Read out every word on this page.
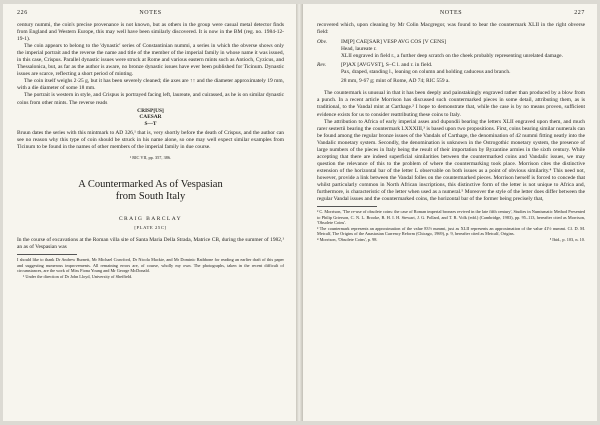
226	NOTES

century nummi, the coin's precise provenance is not known, but as others in the group were casual metal detector finds from England and Western Europe, this may well have been similarly discovered. It is now in the BM (reg. no. 1984-12-19-1).

The coin appears to belong to the 'dynastic' series of Constantinian nummi, a series in which the obverse shows only the imperial portrait and the reverse the name and title of the member of the imperial family in whose name it was issued, in this case, Crispus. Parallel dynastic issues were struck at Rome and various eastern mints such as Antioch, Cyzicus, and Thessalonica, but, as far as the author is aware, no bronze dynastic issues have ever been published for Ticinum. Dynastic issues are scarce, reflecting a short period of minting.

The coin itself weighs 2·25 g, but it has been severely cleaned; die axes are ↑↑ and the diameter approximately 19 mm, with a die diameter of some 18 mm.

The portrait is western in style, and Crispus is portrayed facing left, laureate, and cuirassed, as he is on similar dynastic coins from other mints. The reverse reads

CRISP[US]
CAESAR
S—T

Bruun dates the series with this mintmark to AD 326,¹ that is, very shortly before the death of Crispus, and the author can see no reason why this type of coin should be struck in his name alone, so one may well expect similar examples from Ticinum to be found in the names of other members of the imperial family in due course.

¹ RIC VII, pp. 357, 386.

A Countermarked As of Vespasian
from South Italy
CRAIG BARCLAY
[PLATE 25C]

In the course of excavations at the Roman villa site of Santa Maria Della Strada, Matrice CB, during the summer of 1982,¹ an as of Vespasian was

I should like to thank Dr Andrew Burnett, Mr Michael Crawford, Dr Nicola Mackie, and Mr Dominic Rathbone for reading an earlier draft of this paper and suggesting numerous improvements. All remaining errors are, of course, wholly my own. The photographs, taken in the recent difficult of circumstances, are the work of Miss Fiona Young and Mr George McDonald.

¹ Under the direction of Dr John Lloyd, University of Sheffield.

NOTES	227

recovered which, upon cleaning by Mr Colin Macgregor, was found to bear the countermark XLII in the right obverse field:

Obv.	IM[P] CAE[SAR] VESP AVG COS [V CENS]
Head, laureate r.
XLII engraved in field r., a further deep scratch on the cheek probably representing unrelated damage.
Rev.	[P]AX [AVGVST], S–C l. and r. in field.
Pax, draped, standing l., leaning on column and holding caduceus and branch.
28 mm, 9·67 g; mint of Rome, AD 74; RIC 559 a.

The countermark is unusual in that it has been deeply and painstakingly engraved rather than produced by a blow from a punch. In a recent article Morrison has discussed such countermarked pieces in some detail, attributing them, as is traditional, to the Vandal mint at Carthage.² I hope to demonstrate that, while the case is by no means proven, sufficient evidence exists for us to consider reattributing these coins to Italy.

The attribution to Africa of early imperial asses and dupondii bearing the letters XLII engraved upon them, and much rarer sestertii bearing the countermark LXXXIII,³ is based upon two propositions. First, coins bearing similar numerals can be found among the regular bronze issues of the Vandals of Carthage, the denomination of 42 nummi fitting neatly into the Vandalic monetary system. Secondly, the denomination is unknown in the Ostrogothic monetary system, the presence of large numbers of the pieces in Italy being the result of their importation by Byzantine armies in the sixth century. While accepting that there are indeed superficial similarities between the countermarked coins and Vandalic issues, we may question the relevance of this to the problem of where the countermarking took place. Morrison cites the distinctive extension of the horizontal bar of the letter L observable on both issues as a point of obvious similarity.⁴ This need not, however, provide a link between the Vandal folles on the countermarked pieces. Morrison herself is forced to concede that whilst particularly common in North African inscriptions, this distinctive form of the letter is not unique to Africa and, furthermore, is characteristic of the letter when used as a numeral.⁵ Moreover the style of the letter does differ between the regular Vandal issues and the countermarked coins, the horizontal bar of the former being precisely that,

² C. Morrison, 'The re-use of obsolete coins: the case of Roman imperial bronzes revived in the late fifth century', Studies in Numismatic Method Presented to Philip Grierson, C. N. L. Brooke, B. H. I. H. Stewart, J. G. Pollard, and T. R. Volk (edd.) (Cambridge, 1983), pp. 95–113, hereafter cited as Morrison, 'Obsolete Coins'.

³ The countermark represents an approximation of the value 83½ nummi, just as XLII represents an approximation of the value 41½ nummi. Cf. D. M. Metcalf, The Origins of the Anastasian Currency Reform (Chicago, 1969), p. 9, hereafter cited as Metcalf, Origins.

⁴ Morrison, 'Obsolete Coins', p. 98.	⁵ Ibid., p. 103, n. 10.
